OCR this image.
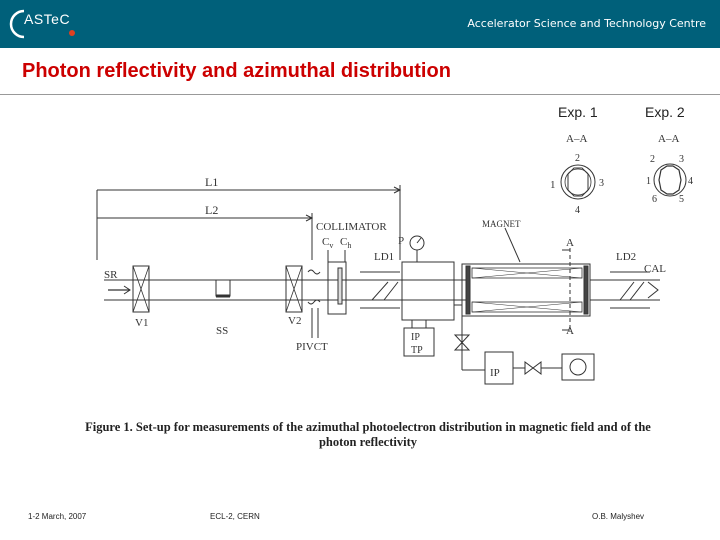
ASTeC	Accelerator Science and Technology Centre
Photon reflectivity and azimuthal distribution
Exp. 1	Exp. 2
L1
L2
SR
V1
SS
V2
PIVCT
COLLIMATOR
$C_v$ $C_h$
LD1
P
IP
TP
MAGNET
A
A
IP
LD2
CAL
A–A
2
1	3
4
A–A
2 3
1	4
5
6
Figure 1. Set-up for measurements of the azimuthal photoelectron distribution in magnetic field and of the
photon reflectivity
1-2 March, 2007	ECL-2, CERN	O.B. Malyshev
